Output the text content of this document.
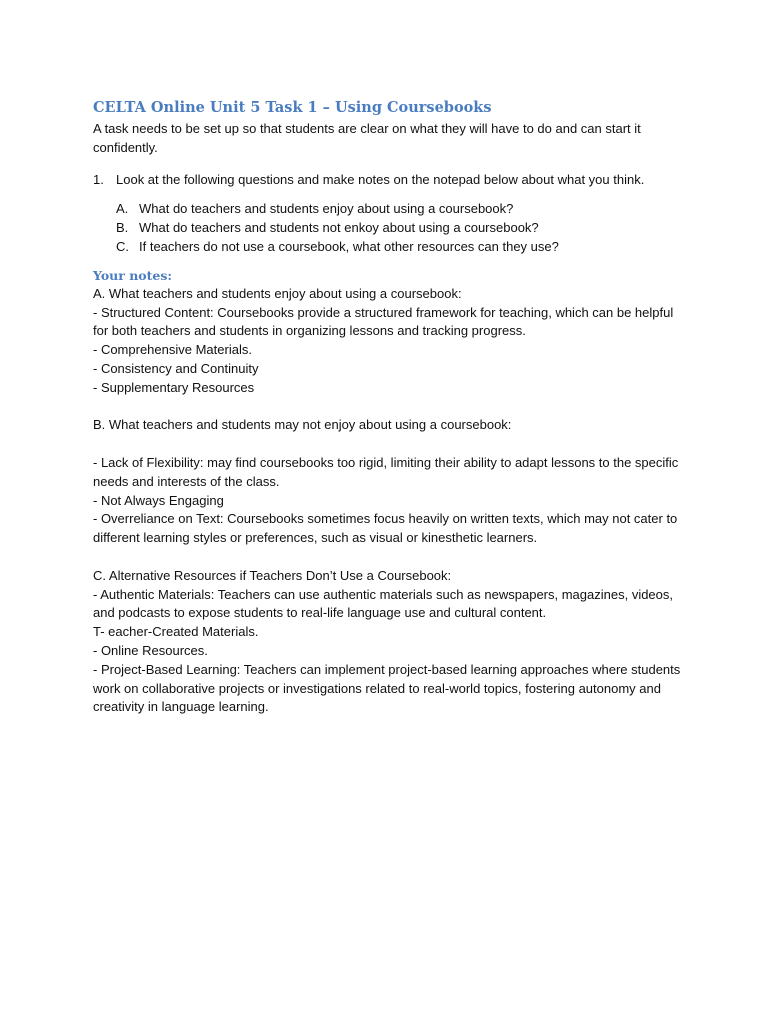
CELTA Online Unit 5 Task 1 – Using Coursebooks

A task needs to be set up so that students are clear on what they will have to do and can start it confidently.

1. Look at the following questions and make notes on the notepad below about what you think.
A. What do teachers and students enjoy about using a coursebook?
B. What do teachers and students not enkoy about using a coursebook?
C. If teachers do not use a coursebook, what other resources can they use?
Your notes:

A. What teachers and students enjoy about using a coursebook:

- Structured Content: Coursebooks provide a structured framework for teaching, which can be helpful for both teachers and students in organizing lessons and tracking progress.

- Comprehensive Materials.

- Consistency and Continuity

- Supplementary Resources

B. What teachers and students may not enjoy about using a coursebook:

- Lack of Flexibility: may find coursebooks too rigid, limiting their ability to adapt lessons to the specific needs and interests of the class.

- Not Always Engaging

- Overreliance on Text: Coursebooks sometimes focus heavily on written texts, which may not cater to different learning styles or preferences, such as visual or kinesthetic learners.

C. Alternative Resources if Teachers Don’t Use a Coursebook:

- Authentic Materials: Teachers can use authentic materials such as newspapers, magazines, videos, and podcasts to expose students to real-life language use and cultural content.

T- eacher-Created Materials.

- Online Resources.

- Project-Based Learning: Teachers can implement project-based learning approaches where students work on collaborative projects or investigations related to real-world topics, fostering autonomy and creativity in language learning.
